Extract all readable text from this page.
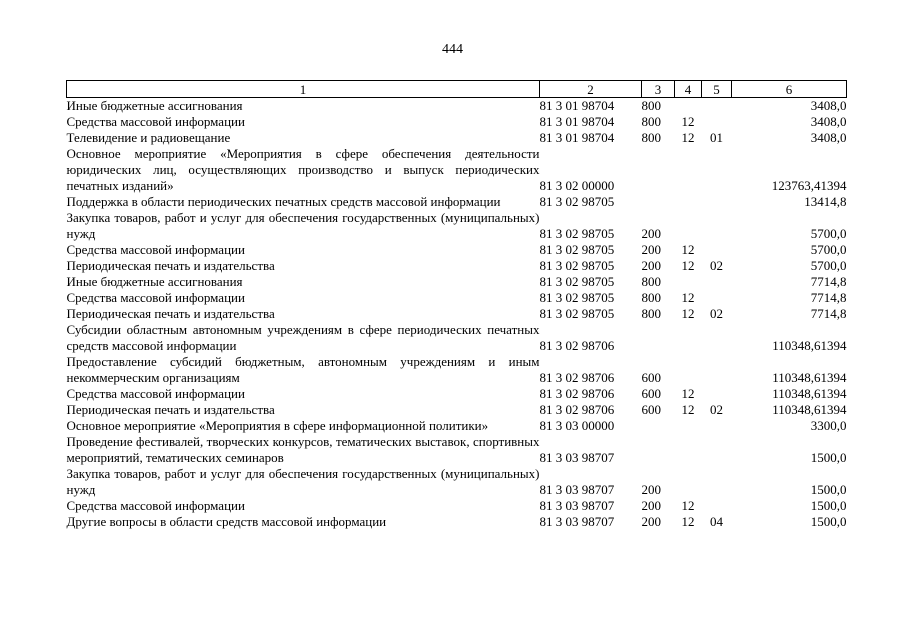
444
1	2	3	4	5	6
Иные бюджетные ассигнования	81 3 01 98704	800			3408,0
Средства массовой информации	81 3 01 98704	800	12		3408,0
Телевидение и радиовещание	81 3 01 98704	800	12	01	3408,0
Основное мероприятие «Мероприятия в сфере обеспечения деятельности юридических лиц, осуществляющих производство и выпуск периодических печатных изданий»	81 3 02 00000				123763,41394
Поддержка в области периодических печатных средств массовой информации	81 3 02 98705				13414,8
Закупка товаров, работ и услуг для обеспечения государственных (муниципальных) нужд	81 3 02 98705	200			5700,0
Средства массовой информации	81 3 02 98705	200	12		5700,0
Периодическая печать и издательства	81 3 02 98705	200	12	02	5700,0
Иные бюджетные ассигнования	81 3 02 98705	800			7714,8
Средства массовой информации	81 3 02 98705	800	12		7714,8
Периодическая печать и издательства	81 3 02 98705	800	12	02	7714,8
Субсидии областным автономным учреждениям в сфере периодических печатных средств массовой информации	81 3 02 98706				110348,61394
Предоставление субсидий бюджетным, автономным учреждениям и иным некоммерческим организациям	81 3 02 98706	600			110348,61394
Средства массовой информации	81 3 02 98706	600	12		110348,61394
Периодическая печать и издательства	81 3 02 98706	600	12	02	110348,61394
Основное мероприятие «Мероприятия в сфере информационной политики»	81 3 03 00000				3300,0
Проведение фестивалей, творческих конкурсов, тематических выставок, спортивных мероприятий, тематических семинаров	81 3 03 98707				1500,0
Закупка товаров, работ и услуг для обеспечения государственных (муниципальных) нужд	81 3 03 98707	200			1500,0
Средства массовой информации	81 3 03 98707	200	12		1500,0
Другие вопросы в области средств массовой информации	81 3 03 98707	200	12	04	1500,0
